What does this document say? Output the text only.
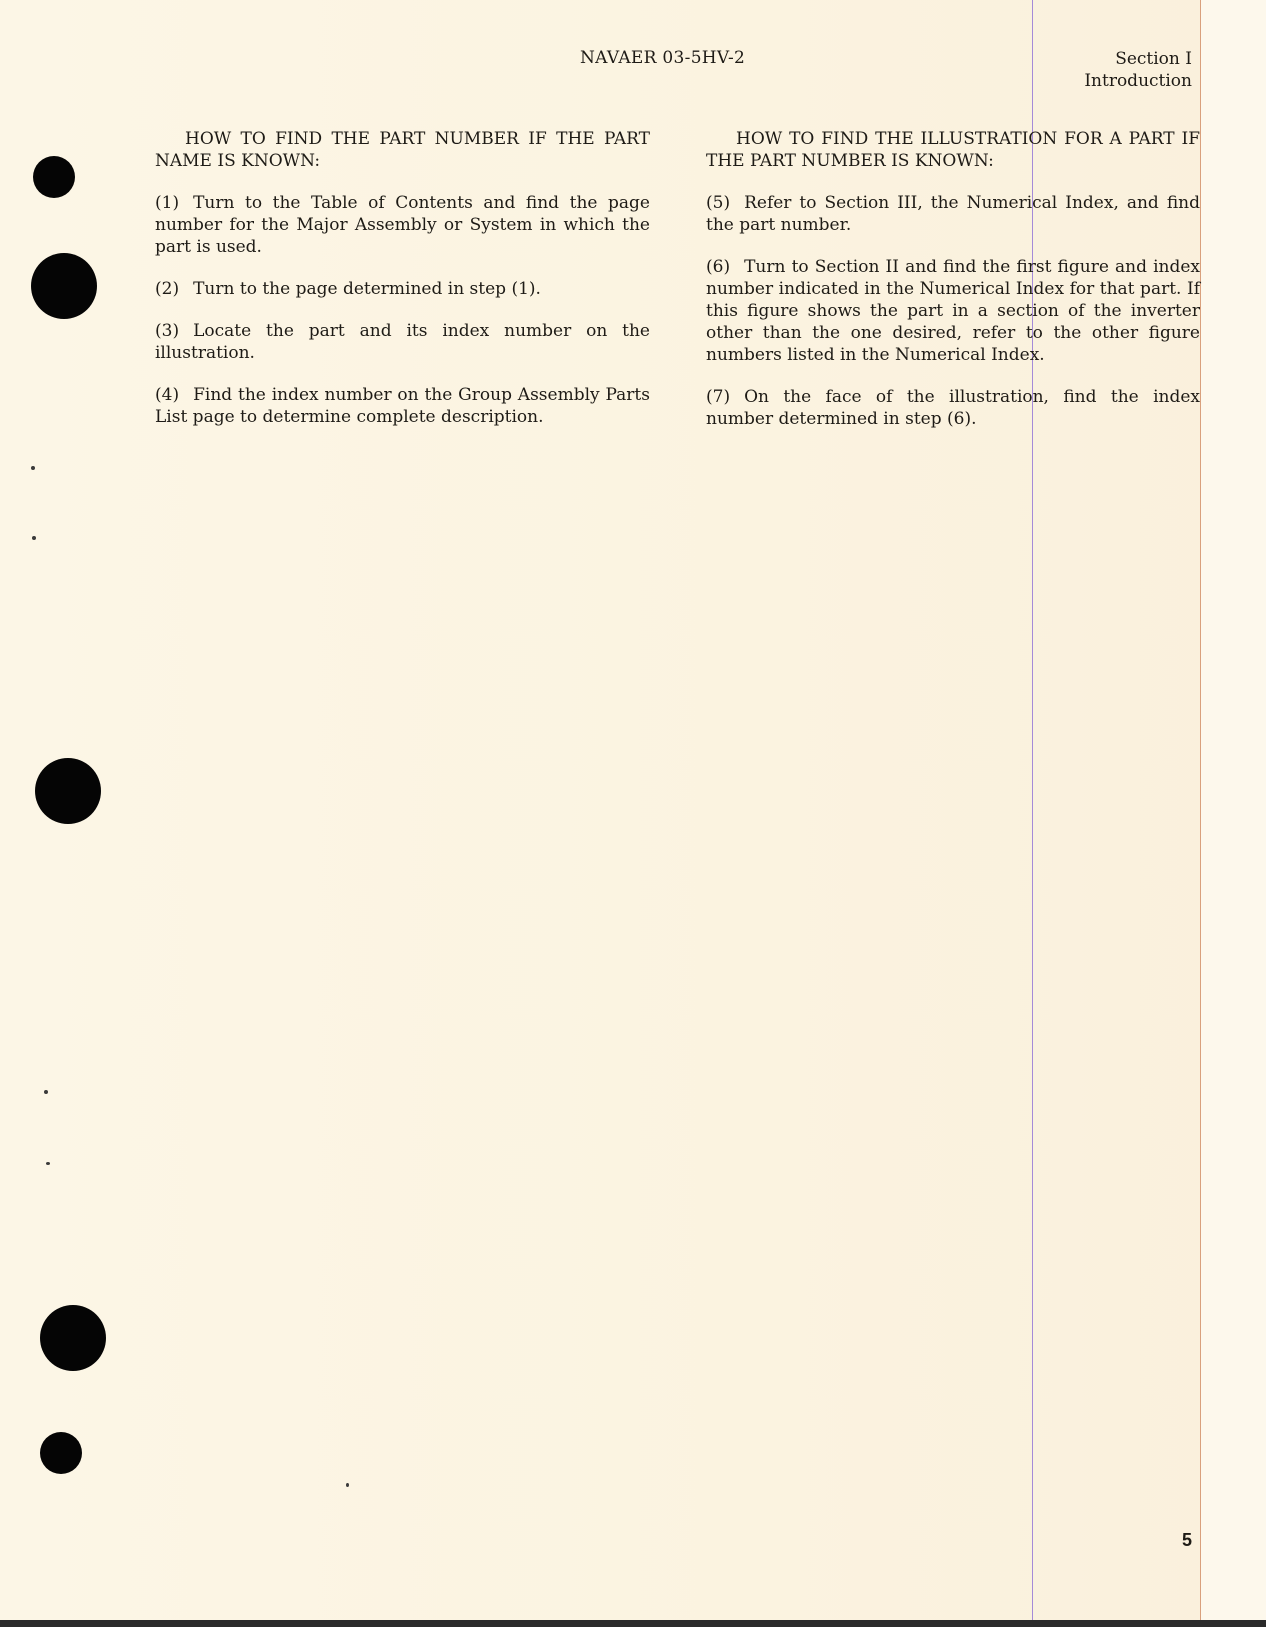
NAVAER 03-5HV-2	Section I
Introduction

HOW TO FIND THE PART NUMBER IF THE PART NAME IS KNOWN:

(1) Turn to the Table of Contents and find the page number for the Major Assembly or System in which the part is used.

(2) Turn to the page determined in step (1).

(3) Locate the part and its index number on the illustration.

(4) Find the index number on the Group Assembly Parts List page to determine complete description.

HOW TO FIND THE ILLUSTRATION FOR A PART IF THE PART NUMBER IS KNOWN:

(5) Refer to Section III, the Numerical Index, and find the part number.

(6) Turn to Section II and find the first figure and index number indicated in the Numerical Index for that part. If this figure shows the part in a section of the inverter other than the one desired, refer to the other figure numbers listed in the Numerical Index.

(7) On the face of the illustration, find the index number determined in step (6).

5
